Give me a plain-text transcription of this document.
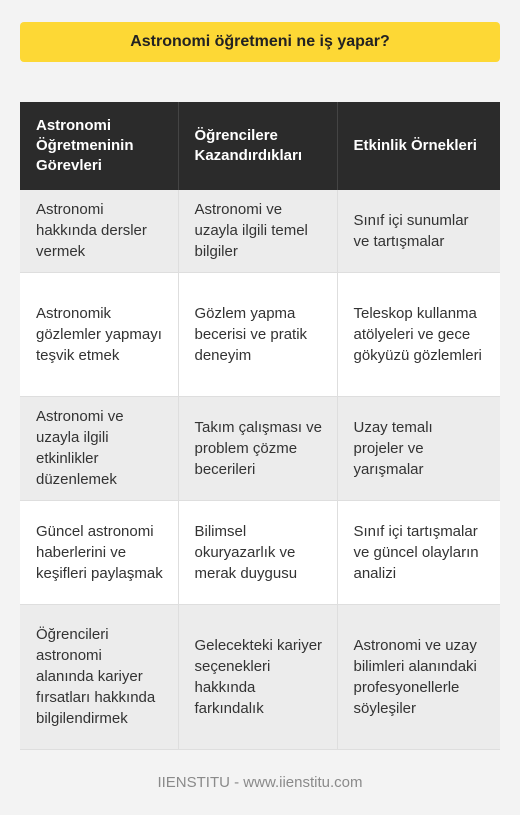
Astronomi öğretmeni ne iş yapar?
Astronomi Öğretmeninin Görevleri	Öğrencilere Kazandırdıkları	Etkinlik Örnekleri
Astronomi hakkında dersler vermek	Astronomi ve uzayla ilgili temel bilgiler	Sınıf içi sunumlar ve tartışmalar
Astronomik gözlemler yapmayı teşvik etmek	Gözlem yapma becerisi ve pratik deneyim	Teleskop kullanma atölyeleri ve gece gökyüzü gözlemleri
Astronomi ve uzayla ilgili etkinlikler düzenlemek	Takım çalışması ve problem çözme becerileri	Uzay temalı projeler ve yarışmalar
Güncel astronomi haberlerini ve keşifleri paylaşmak	Bilimsel okuryazarlık ve merak duygusu	Sınıf içi tartışmalar ve güncel olayların analizi
Öğrencileri astronomi alanında kariyer fırsatları hakkında bilgilendirmek	Gelecekteki kariyer seçenekleri hakkında farkındalık	Astronomi ve uzay bilimleri alanındaki profesyonellerle söyleşiler
IIENSTITU - www.iienstitu.com
